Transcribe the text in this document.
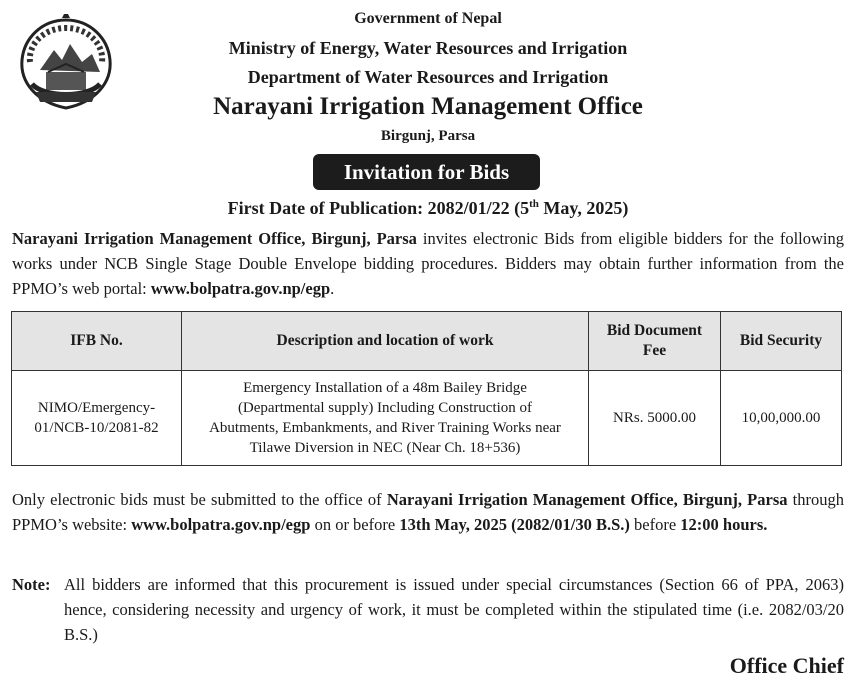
Government of Nepal
Ministry of Energy, Water Resources and Irrigation
Department of Water Resources and Irrigation
Narayani Irrigation Management Office
Birgunj, Parsa
Invitation for Bids
First Date of Publication: 2082/01/22 (5th May, 2025)
Narayani Irrigation Management Office, Birgunj, Parsa invites electronic Bids from eligible bidders for the following works under NCB Single Stage Double Envelope bidding procedures. Bidders may obtain further information from the PPMO’s web portal: www.bolpatra.gov.np/egp.
IFB No.	Description and location of work	Bid Document Fee	Bid Security
NIMO/Emergency-01/NCB-10/2081-82	Emergency Installation of a 48m Bailey Bridge (Departmental supply) Including Construction of Abutments, Embankments, and River Training Works near Tilawe Diversion in NEC (Near Ch. 18+536)	NRs. 5000.00	10,00,000.00
Only electronic bids must be submitted to the office of Narayani Irrigation Management Office, Birgunj, Parsa through PPMO’s website: www.bolpatra.gov.np/egp on or before 13th May, 2025 (2082/01/30 B.S.) before 12:00 hours.
Note: All bidders are informed that this procurement is issued under special circumstances (Section 66 of PPA, 2063) hence, considering necessity and urgency of work, it must be completed within the stipulated time (i.e. 2082/03/20 B.S.)
Office Chief
